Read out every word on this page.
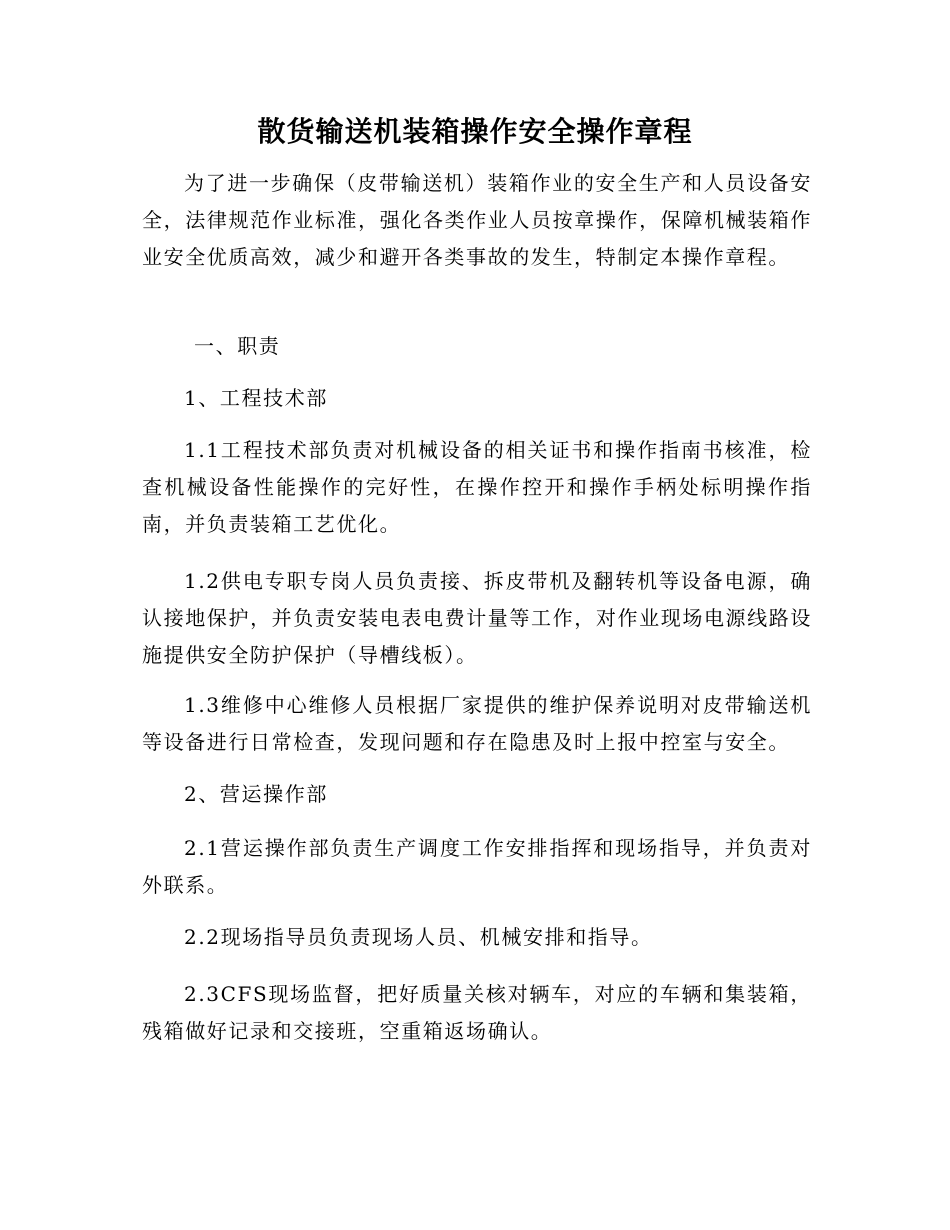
散货输送机装箱操作安全操作章程

为了进一步确保（皮带输送机）装箱作业的安全生产和人员设备安全，法律规范作业标准，强化各类作业人员按章操作，保障机械装箱作业安全优质高效，减少和避开各类事故的发生，特制定本操作章程。

一、职责
1、工程技术部

1.1工程技术部负责对机械设备的相关证书和操作指南书核准，检查机械设备性能操作的完好性，在操作控开和操作手柄处标明操作指南，并负责装箱工艺优化。

1.2供电专职专岗人员负责接、拆皮带机及翻转机等设备电源，确认接地保护，并负责安装电表电费计量等工作，对作业现场电源线路设施提供安全防护保护（导槽线板）。

1.3维修中心维修人员根据厂家提供的维护保养说明对皮带输送机等设备进行日常检查，发现问题和存在隐患及时上报中控室与安全。

2、营运操作部

2.1营运操作部负责生产调度工作安排指挥和现场指导，并负责对外联系。

2.2现场指导员负责现场人员、机械安排和指导。

2.3CFS现场监督，把好质量关核对辆车，对应的车辆和集装箱，残箱做好记录和交接班，空重箱返场确认。
